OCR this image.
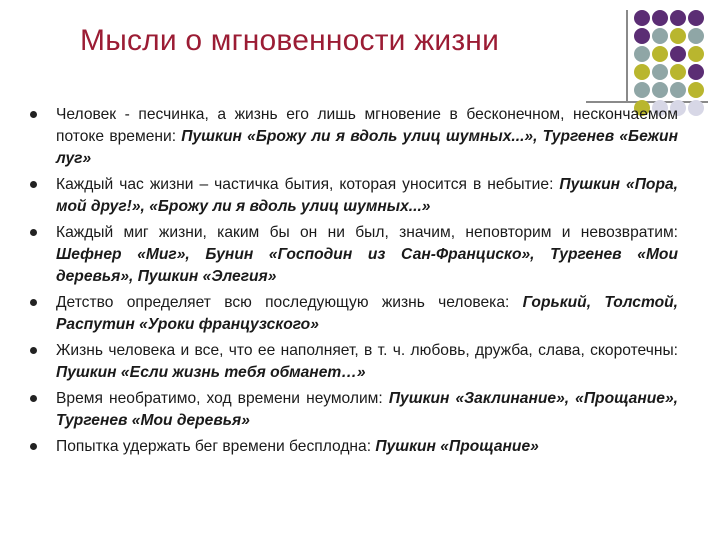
Мысли о мгновенности жизни
Человек - песчинка, а жизнь его лишь мгновение в бесконечном, нескончаемом потоке времени: Пушкин «Брожу ли я вдоль улиц шумных...», Тургенев «Бежин луг»
Каждый час жизни – частичка бытия, которая уносится в небытие: Пушкин «Пора, мой друг!», «Брожу ли я вдоль улиц шумных...»
Каждый миг жизни, каким бы он ни был, значим, неповторим и невозвратим: Шефнер «Миг», Бунин «Господин из Сан-Франциско», Тургенев «Мои деревья», Пушкин «Элегия»
Детство определяет всю последующую жизнь человека: Горький, Толстой, Распутин «Уроки французского»
Жизнь человека и все, что ее наполняет, в т. ч. любовь, дружба, слава, скоротечны: Пушкин «Если жизнь тебя обманет…»
Время необратимо, ход времени неумолим: Пушкин «Заклинание», «Прощание», Тургенев «Мои деревья»
Попытка удержать бег времени бесплодна: Пушкин «Прощание»
